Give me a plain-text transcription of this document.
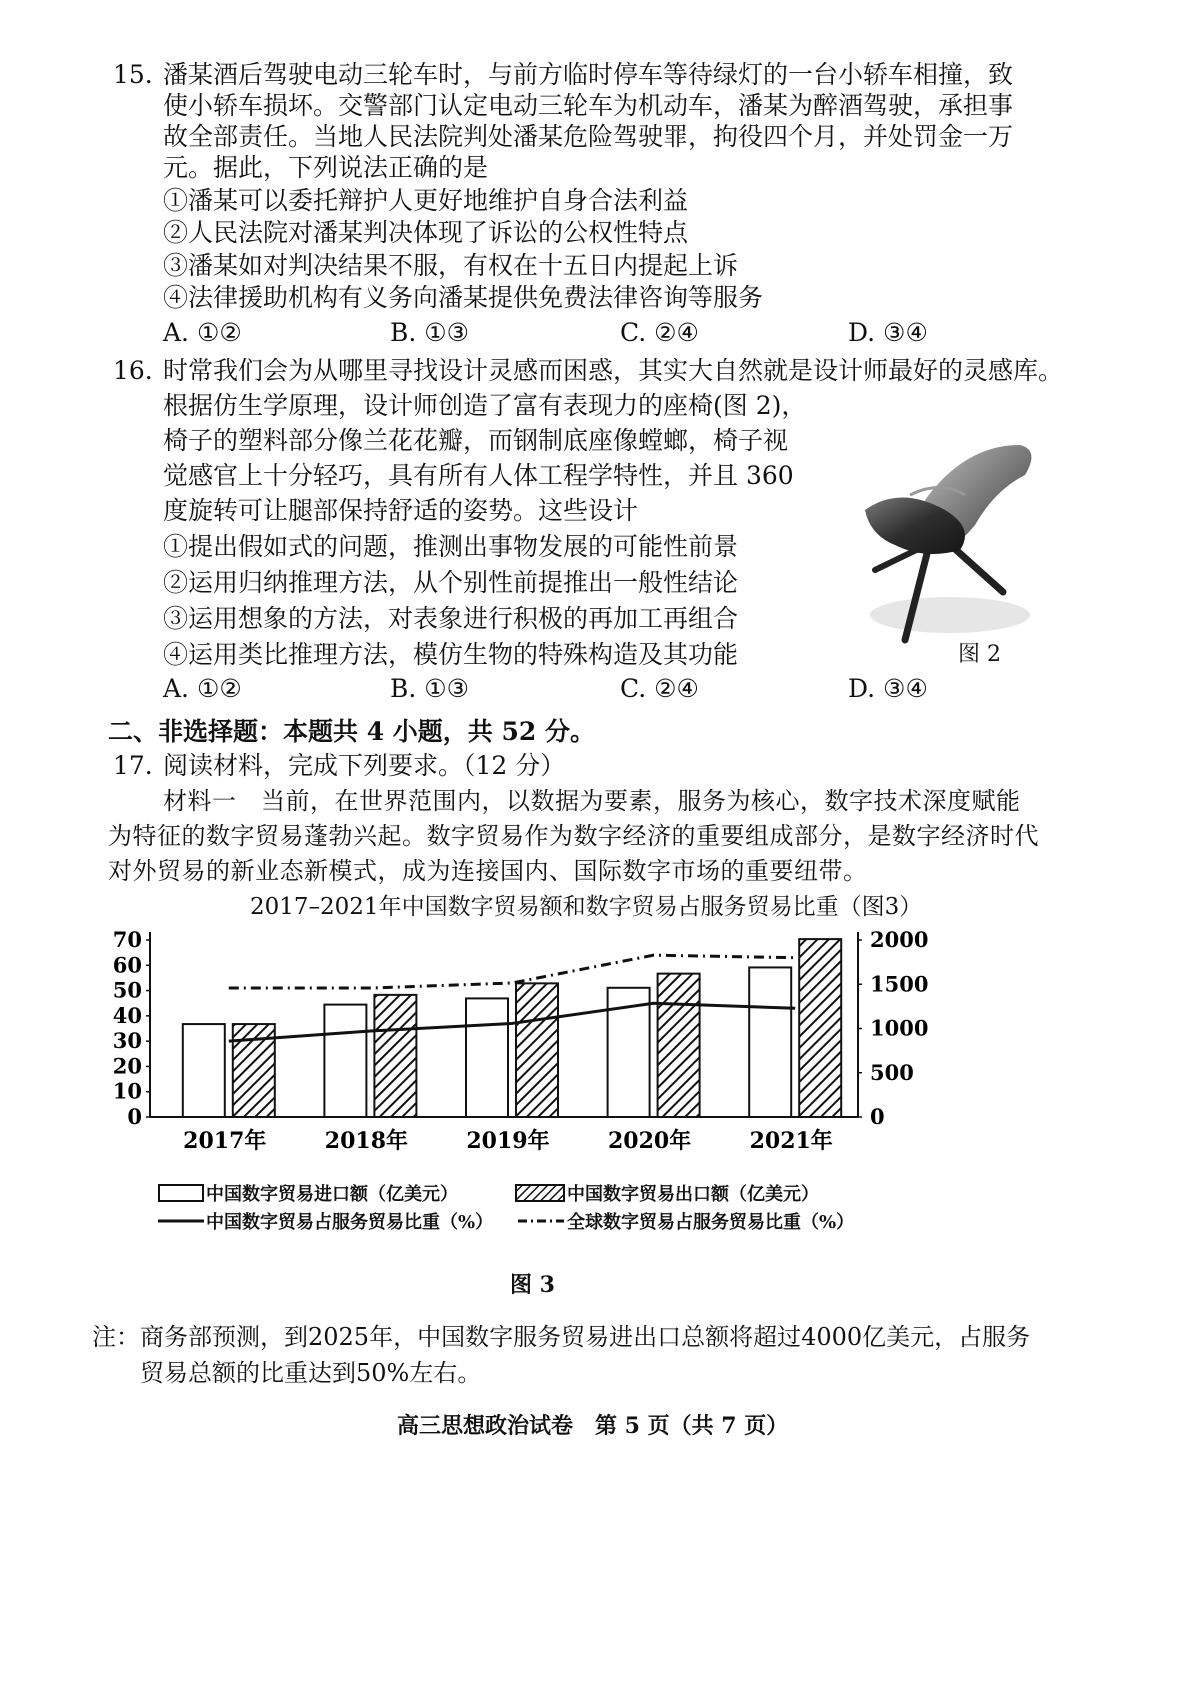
15. 潘某酒后驾驶电动三轮车时，与前方临时停车等待绿灯的一台小轿车相撞，致
使小轿车损坏。交警部门认定电动三轮车为机动车，潘某为醉酒驾驶，承担事
故全部责任。当地人民法院判处潘某危险驾驶罪，拘役四个月，并处罚金一万
元。据此，下列说法正确的是
①潘某可以委托辩护人更好地维护自身合法利益
②人民法院对潘某判决体现了诉讼的公权性特点
③潘某如对判决结果不服，有权在十五日内提起上诉
④法律援助机构有义务向潘某提供免费法律咨询等服务
A. ①②	B. ①③	C. ②④	D. ③④
16. 时常我们会为从哪里寻找设计灵感而困惑，其实大自然就是设计师最好的灵感库。
根据仿生学原理，设计师创造了富有表现力的座椅(图 2)，
椅子的塑料部分像兰花花瓣，而钢制底座像螳螂，椅子视
觉感官上十分轻巧，具有所有人体工程学特性，并且 360
度旋转可让腿部保持舒适的姿势。这些设计
①提出假如式的问题，推测出事物发展的可能性前景
②运用归纳推理方法，从个别性前提推出一般性结论
③运用想象的方法，对表象进行积极的再加工再组合
④运用类比推理方法，模仿生物的特殊构造及其功能	图 2
A. ①②	B. ①③	C. ②④	D. ③④
二、非选择题：本题共 4 小题，共 52 分。
17. 阅读材料，完成下列要求。（12 分）
材料一　当前，在世界范围内，以数据为要素，服务为核心，数字技术深度赋能
为特征的数字贸易蓬勃兴起。数字贸易作为数字经济的重要组成部分，是数字经济时代
对外贸易的新业态新模式，成为连接国内、国际数字市场的重要纽带。
2017–2021年中国数字贸易额和数字贸易占服务贸易比重（图3）
0
10
20
30
40
50
60
70
0
500
1000
1500
2000
2017年	2018年	2019年	2020年	2021年
中国数字贸易进口额（亿美元）	中国数字贸易出口额（亿美元）
中国数字贸易占服务贸易比重（%）	全球数字贸易占服务贸易比重（%）
图 3
注：商务部预测，到2025年，中国数字服务贸易进出口总额将超过4000亿美元，占服务
贸易总额的比重达到50%左右。
高三思想政治试卷　第 5 页（共 7 页）
